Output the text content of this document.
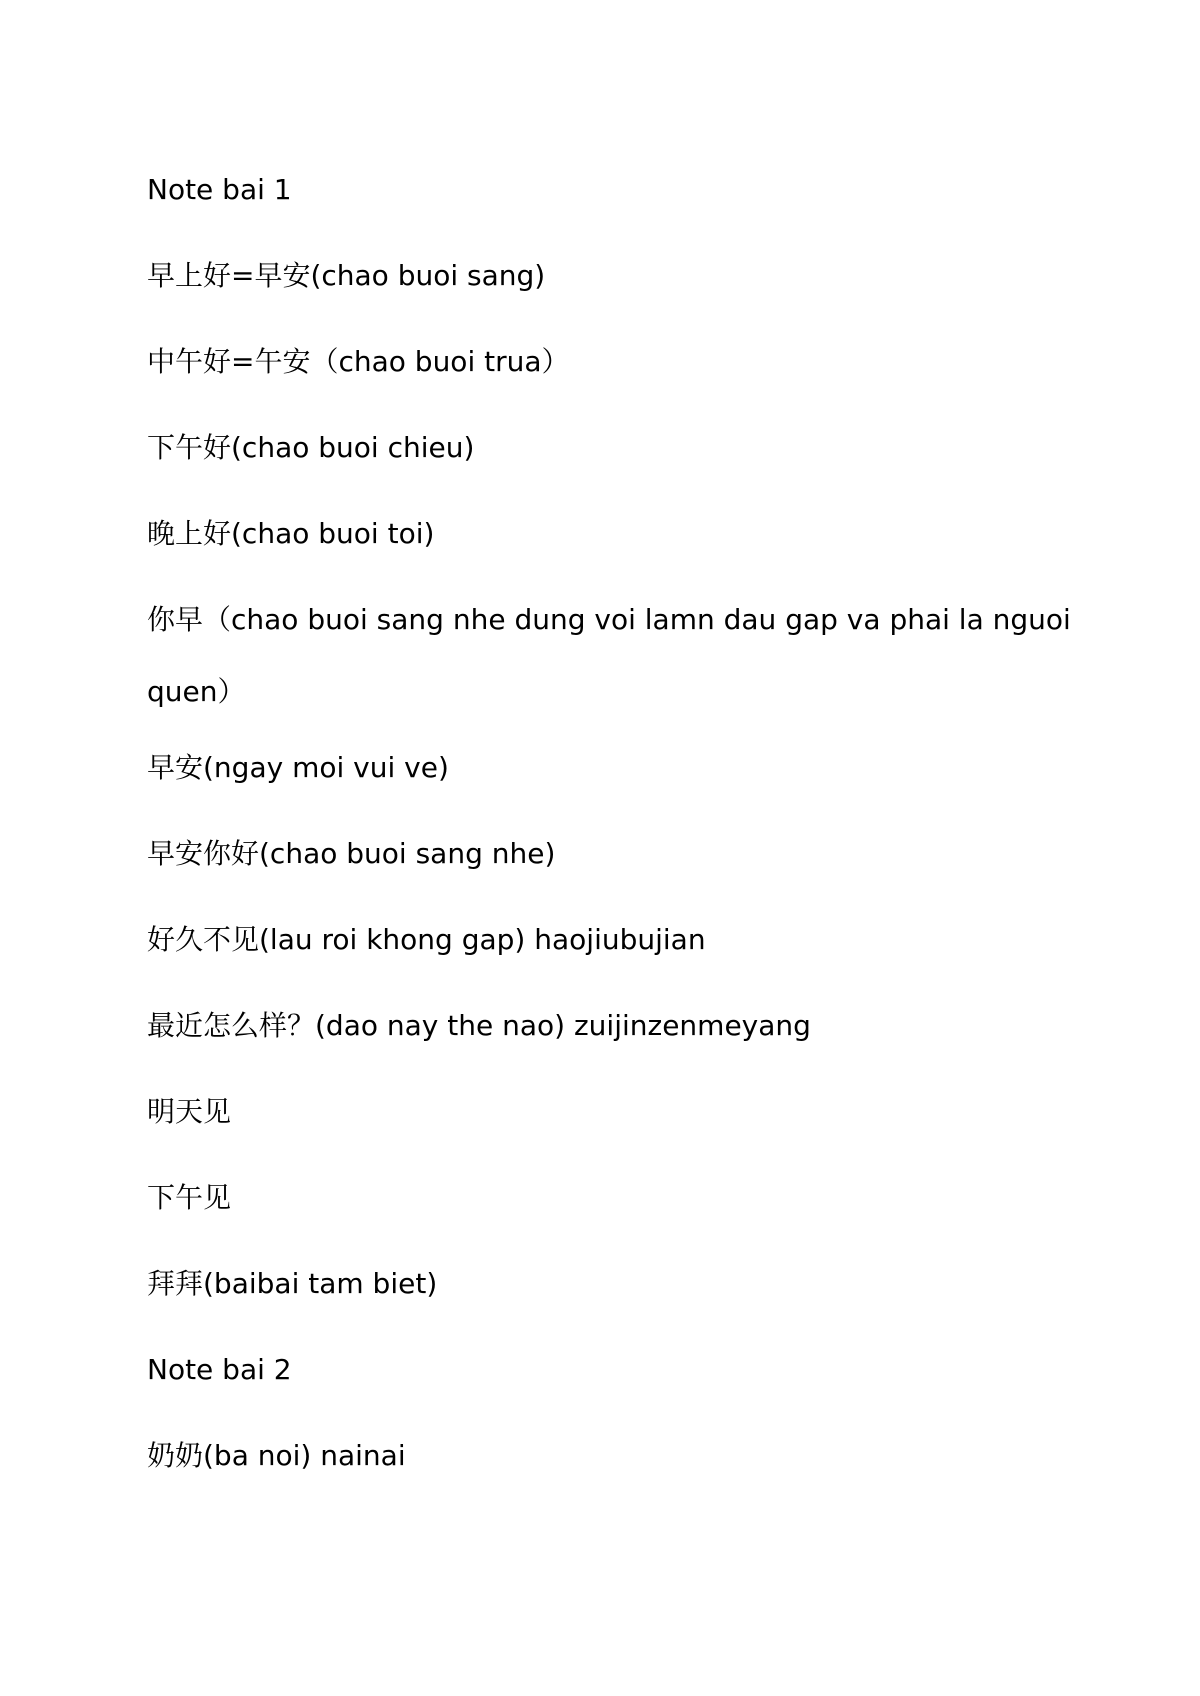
Note bai 1
早上好=早安(chao buoi sang)
中午好=午安（chao buoi trua）
下午好(chao buoi chieu)
晚上好(chao buoi toi)
你早（chao buoi sang nhe dung voi lamn dau gap va phai la nguoi quen）
早安(ngay moi vui ve)
早安你好(chao buoi sang nhe)
好久不见(lau roi khong gap) haojiubujian
最近怎么样？(dao nay the nao) zuijinzenmeyang
明天见
下午见
拜拜(baibai tam biet)
Note bai 2
奶奶(ba noi) nainai
